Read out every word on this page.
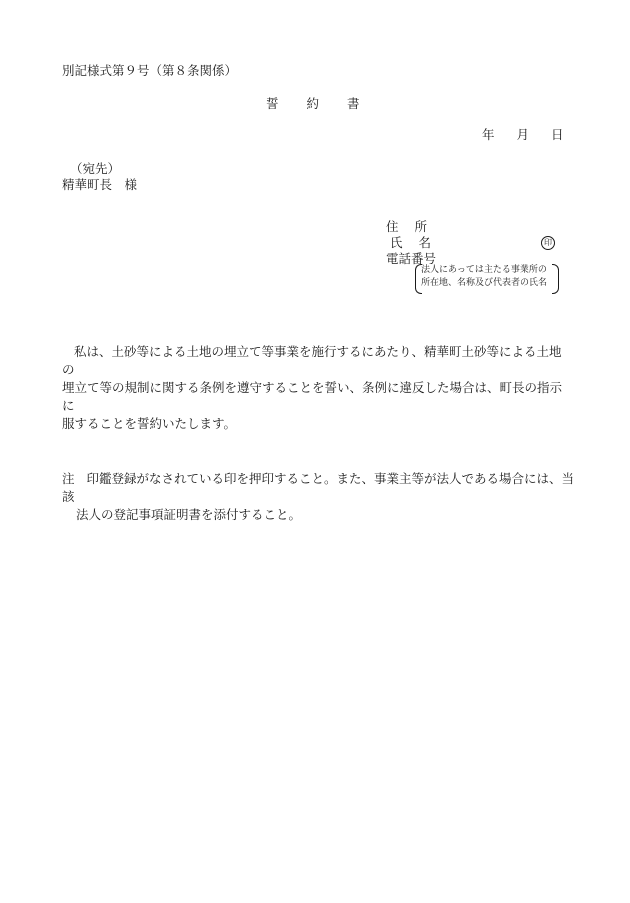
別記様式第９号（第８条関係）
誓 約 書
年 月 日
（宛先）
精華町長　様
住 所
氏 名
電話番号
印
法人にあっては主たる事業所の
所在地、名称及び代表者の氏名
私は、土砂等による土地の埋立て等事業を施行するにあたり、精華町土砂等による土地の
埋立て等の規制に関する条例を遵守することを誓い、条例に違反した場合は、町長の指示に
服することを誓約いたします。
注 印鑑登録がなされている印を押印すること。また、事業主等が法人である場合には、当該
法人の登記事項証明書を添付すること。
